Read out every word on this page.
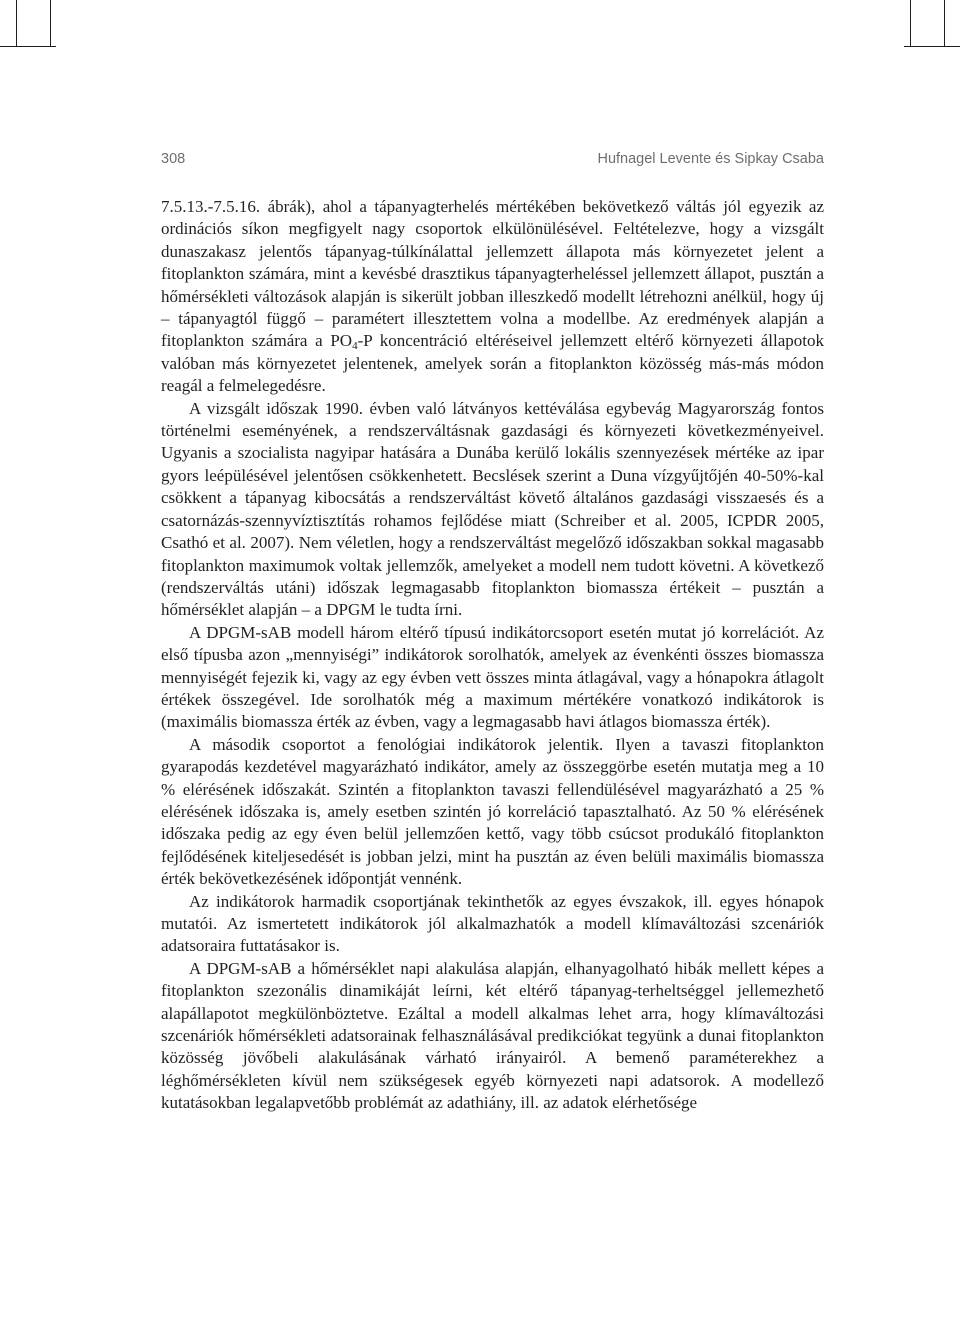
308	Hufnagel Levente és Sipkay Csaba

7.5.13.-7.5.16. ábrák), ahol a tápanyagterhelés mértékében bekövetkező váltás jól egyezik az ordinációs síkon megfigyelt nagy csoportok elkülönülésével. Feltételezve, hogy a vizsgált dunaszakasz jelentős tápanyag-túlkínálattal jellemzett állapota más környezetet jelent a fitoplankton számára, mint a kevésbé drasztikus tápanyagterheléssel jellemzett állapot, pusztán a hőmérsékleti változások alapján is sikerült jobban illeszkedő modellt létrehozni anélkül, hogy új – tápanyagtól függő – paramétert illesztettem volna a modellbe. Az eredmények alapján a fitoplankton számára a $PO_4-P$ koncentráció eltéréseivel jellemzett eltérő környezeti állapotok valóban más környezetet jelentenek, amelyek során a fitoplankton közösség más-más módon reagál a felmelegedésre.

A vizsgált időszak 1990. évben való látványos kettéválása egybevág Magyarország fontos történelmi eseményének, a rendszerváltásnak gazdasági és környezeti következményeivel. Ugyanis a szocialista nagyipar hatására a Dunába kerülő lokális szennyezések mértéke az ipar gyors leépülésével jelentősen csökkenhetett. Becslések szerint a Duna vízgyűjtőjén 40-50%-kal csökkent a tápanyag kibocsátás a rendszerváltást követő általános gazdasági visszaesés és a csatornázás-szennyvíztisztítás rohamos fejlődése miatt (Schreiber et al. 2005, ICPDR 2005, Csathó et al. 2007). Nem véletlen, hogy a rendszerváltást megelőző időszakban sokkal magasabb fitoplankton maximumok voltak jellemzők, amelyeket a modell nem tudott követni. A következő (rendszerváltás utáni) időszak legmagasabb fitoplankton biomassza értékeit – pusztán a hőmérséklet alapján – a DPGM le tudta írni.

A DPGM-sAB modell három eltérő típusú indikátorcsoport esetén mutat jó korrelációt. Az első típusba azon „mennyiségi” indikátorok sorolhatók, amelyek az évenkénti összes biomassza mennyiségét fejezik ki, vagy az egy évben vett összes minta átlagával, vagy a hónapokra átlagolt értékek összegével. Ide sorolhatók még a maximum mértékére vonatkozó indikátorok is (maximális biomassza érték az évben, vagy a legmagasabb havi átlagos biomassza érték).

A második csoportot a fenológiai indikátorok jelentik. Ilyen a tavaszi fitoplankton gyarapodás kezdetével magyarázható indikátor, amely az összeggörbe esetén mutatja meg a 10 % elérésének időszakát. Szintén a fitoplankton tavaszi fellendülésével magyarázható a 25 % elérésének időszaka is, amely esetben szintén jó korreláció tapasztalható. Az 50 % elérésének időszaka pedig az egy éven belül jellemzően kettő, vagy több csúcsot produkáló fitoplankton fejlődésének kiteljesedését is jobban jelzi, mint ha pusztán az éven belüli maximális biomassza érték bekövetkezésének időpontját vennénk.

Az indikátorok harmadik csoportjának tekinthetők az egyes évszakok, ill. egyes hónapok mutatói. Az ismertetett indikátorok jól alkalmazhatók a modell klímaváltozási szcenáriók adatsoraira futtatásakor is.

A DPGM-sAB a hőmérséklet napi alakulása alapján, elhanyagolható hibák mellett képes a fitoplankton szezonális dinamikáját leírni, két eltérő tápanyag-terheltséggel jellemezhető alapállapotot megkülönböztetve. Ezáltal a modell alkalmas lehet arra, hogy klímaváltozási szcenáriók hőmérsékleti adatsorainak felhasználásával predikciókat tegyünk a dunai fitoplankton közösség jövőbeli alakulásának várható irányairól. A bemenő paraméterekhez a léghőmérsékleten kívül nem szükségesek egyéb környezeti napi adatsorok. A modellező kutatásokban legalapvetőbb problémát az adathiány, ill. az adatok elérhetősége
